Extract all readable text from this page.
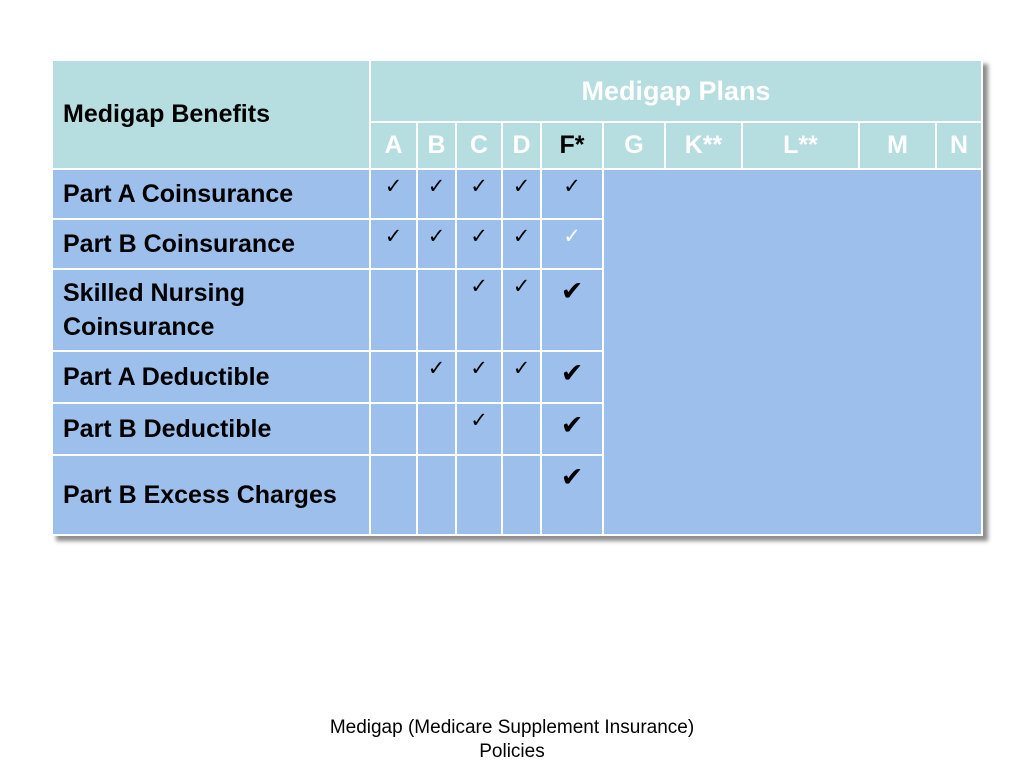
Medigap Benefits	Medigap Plans									
	A	B	C	D	F*	G	K**	L**	M	N
Part A Coinsurance	✓	✓	✓	✓	✓					
Part B Coinsurance	✓	✓	✓	✓	✓					
Skilled Nursing Coinsurance			✓	✓	✔					
Part A Deductible		✓	✓	✓	✔					
Part B Deductible			✓		✔					
Part B Excess Charges					✔					
Medigap (Medicare Supplement Insurance)
Policies
